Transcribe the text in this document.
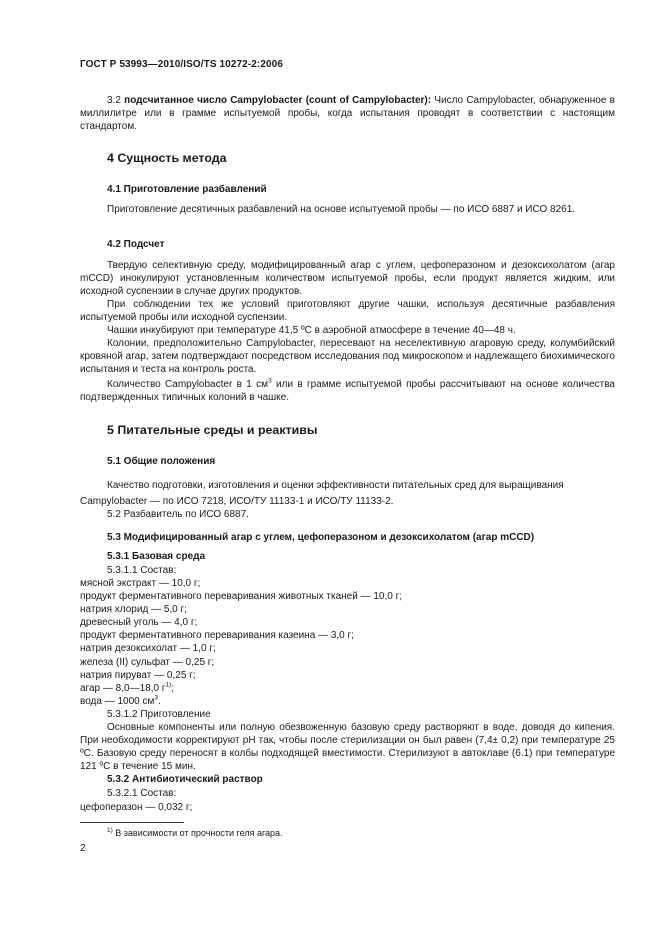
ГОСТ Р 53993—2010/ISO/TS 10272-2:2006

3.2 подсчитанное число Campylobacter (count of Campylobacter): Число Campylobacter, обнаруженное в миллилитре или в грамме испытуемой пробы, когда испытания проводят в соответствии с настоящим стандартом.

4 Сущность метода
4.1 Приготовление разбавлений

Приготовление десятичных разбавлений на основе испытуемой пробы — по ИСО 6887 и ИСО 8261.

4.2 Подсчет

Твердую селективную среду, модифицированный агар с углем, цефоперазоном и дезоксихолатом (агар mCCD) инокулируют установленным количеством испытуемой пробы, если продукт является жидким, или исходной суспензии в случае других продуктов.

При соблюдении тех же условий приготовляют другие чашки, используя десятичные разбавления испытуемой пробы или исходной суспензии.

Чашки инкубируют при температуре 41,5 ºС в аэробной атмосфере в течение 40—48 ч.

Колонии, предположительно Campylobacter, пересевают на неселективную агаровую среду, колумбийский кровяной агар, затем подтверждают посредством исследования под микроскопом и надлежащего биохимического испытания и теста на контроль роста.

Количество Campylobacter в 1 $см^3$ или в грамме испытуемой пробы рассчитывают на основе количества подтвержденных типичных колоний в чашке.

5 Питательные среды и реактивы
5.1 Общие положения
Качество подготовки, изготовления и оценки эффективности питательных сред для выращивания
Campylobacter — по ИСО 7218, ИСО/ТУ 11133-1 и ИСО/ТУ 11133-2.
5.2 Разбавитель по ИСО 6887.
5.3 Модифицированный агар с углем, цефоперазоном и дезоксихолатом (агар mCCD)
5.3.1 Базовая среда
5.3.1.1 Состав:
мясной экстракт — 10,0 г;
продукт ферментативного переваривания животных тканей — 10,0 г;
натрия хлорид — 5,0 г;
древесный уголь — 4,0 г;
продукт ферментативного переваривания казеина — 3,0 г;
натрия дезоксихолат — 1,0 г;
железа (II) сульфат — 0,25 г;
натрия пируват — 0,25 г;
агар — 8,0—18,0 $г^{1)}$;
вода — 1000 $см^3$.
5.3.1.2 Приготовление

Основные компоненты или полную обезвоженную базовую среду растворяют в воде, доводя до кипения. При необходимости корректируют рН так, чтобы после стерилизации он был равен (7,4± 0,2) при температуре 25 ºС. Базовую среду переносят в колбы подходящей вместимости. Стерилизуют в автоклаве (6.1) при температуре 121 ºС в течение 15 мин.

5.3.2 Антибиотический раствор
5.3.2.1 Состав:
цефоперазон — 0,032 г;
$^{1)}$ В зависимости от прочности геля агара.
2
